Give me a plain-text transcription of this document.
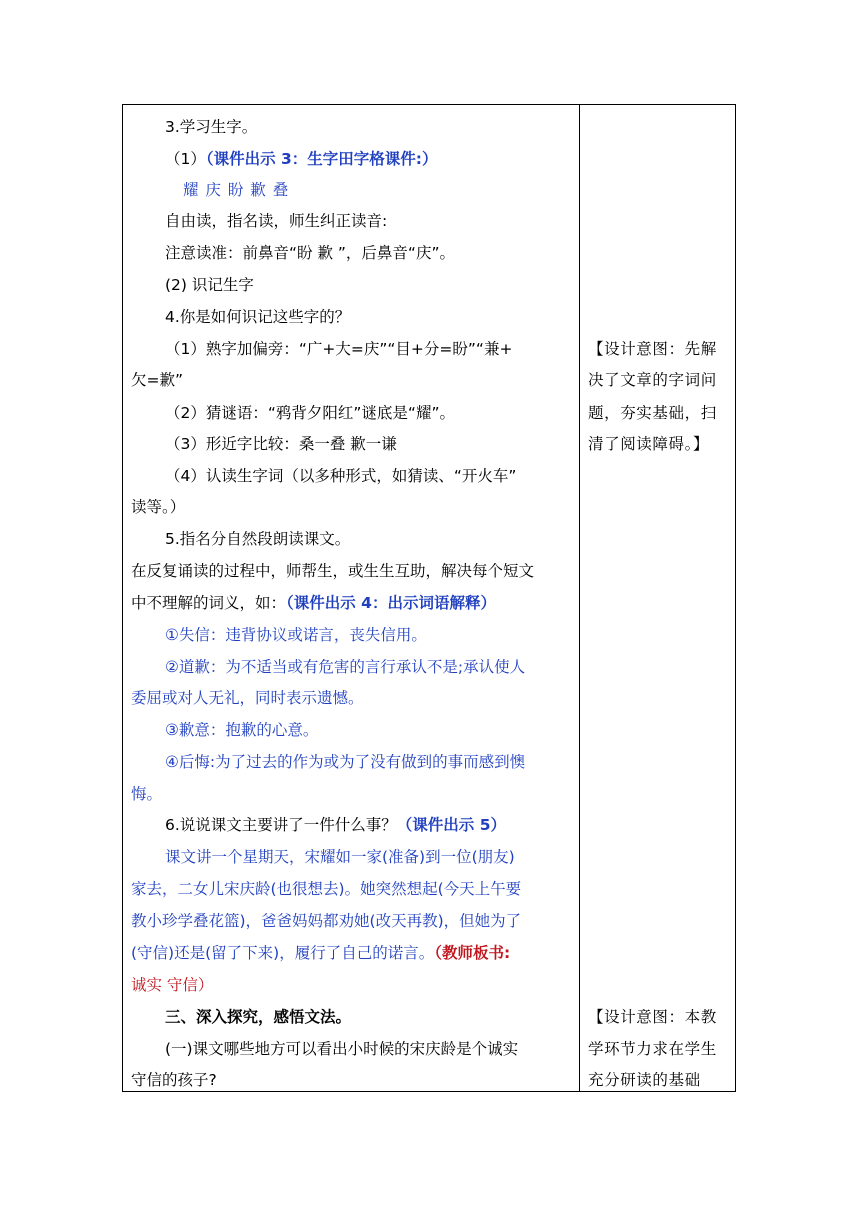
3.学习生字。
（1）（课件出示 3：生字田字格课件:）
耀 庆 盼 歉 叠
自由读，指名读，师生纠正读音:
注意读准：前鼻音“盼 歉 ”，后鼻音“庆”。
(2) 识记生字
4.你是如何识记这些字的？
（1）熟字加偏旁：“广+大=庆”“目+分=盼”“兼+
欠=歉”
（2）猜谜语：“鸦背夕阳红”谜底是“耀”。
（3）形近字比较：桑一叠 歉一谦
（4）认读生字词（以多种形式，如猜读、“开火车”
读等。）
5.指名分自然段朗读课文。
在反复诵读的过程中，师帮生，或生生互助，解决每个短文
中不理解的词义，如：（课件出示 4：出示词语解释）
①失信：违背协议或诺言，丧失信用。
②道歉：为不适当或有危害的言行承认不是;承认使人
委屈或对人无礼，同时表示遗憾。
③歉意：抱歉的心意。
④后悔:为了过去的作为或为了没有做到的事而感到懊
悔。
6.说说课文主要讲了一件什么事？（课件出示 5）
课文讲一个星期天，宋耀如一家(准备)到一位(朋友)
家去，二女儿宋庆龄(也很想去)。她突然想起(今天上午要
教小珍学叠花篮)，爸爸妈妈都劝她(改天再教)，但她为了
(守信)还是(留了下来)，履行了自己的诺言。（教师板书:
诚实 守信）
三、深入探究，感悟文法。
(一)课文哪些地方可以看出小时候的宋庆龄是个诚实
守信的孩子?
【设计意图：先解
决了文章的字词问
题，夯实基础，扫
清了阅读障碍。】
【设计意图：本教
学环节力求在学生
充分研读的基础
